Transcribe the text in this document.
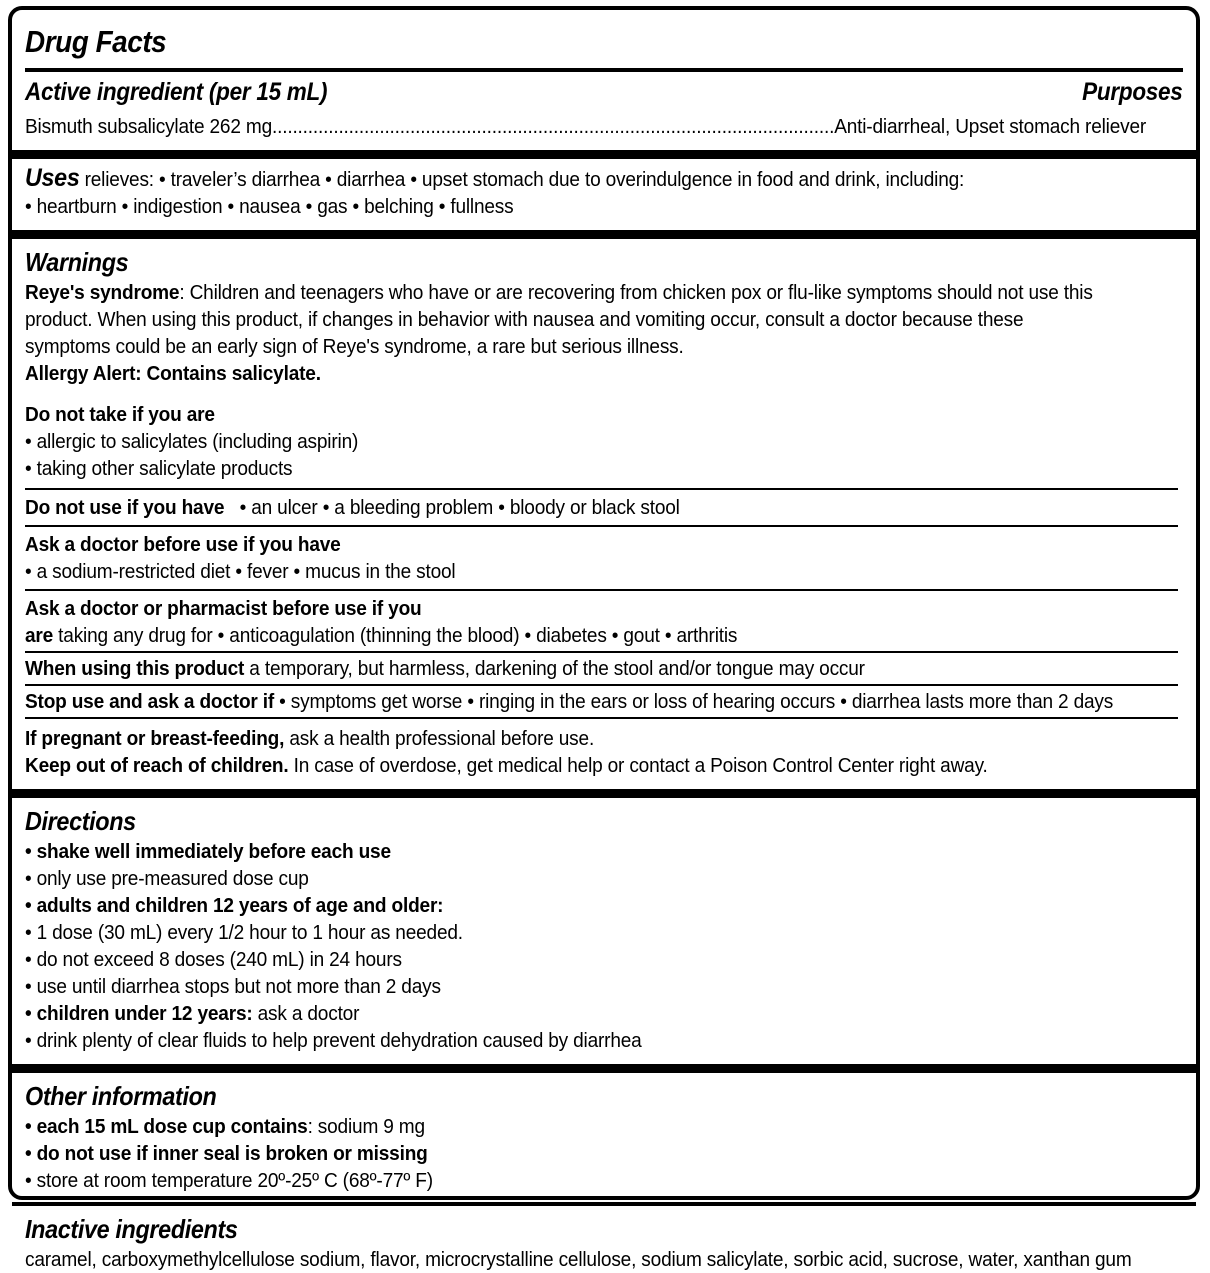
Drug Facts
Active ingredient (per 15 mL)	Purposes
Bismuth subsalicylate 262 mg..............................................................................................................Anti-diarrheal, Upset stomach reliever
Uses relieves: • traveler’s diarrhea • diarrhea • upset stomach due to overindulgence in food and drink, including:
• heartburn • indigestion • nausea • gas • belching • fullness
Warnings
Reye's syndrome: Children and teenagers who have or are recovering from chicken pox or flu-like symptoms should not use this product. When using this product, if changes in behavior with nausea and vomiting occur, consult a doctor because these symptoms could be an early sign of Reye's syndrome, a rare but serious illness.
Allergy Alert: Contains salicylate.
Do not take if you are
• allergic to salicylates (including aspirin)
• taking other salicylate products
Do not use if you have • an ulcer • a bleeding problem • bloody or black stool
Ask a doctor before use if you have
• a sodium-restricted diet • fever • mucus in the stool
Ask a doctor or pharmacist before use if you
are taking any drug for • anticoagulation (thinning the blood) • diabetes • gout • arthritis
When using this product a temporary, but harmless, darkening of the stool and/or tongue may occur
Stop use and ask a doctor if • symptoms get worse • ringing in the ears or loss of hearing occurs • diarrhea lasts more than 2 days
If pregnant or breast-feeding, ask a health professional before use.
Keep out of reach of children. In case of overdose, get medical help or contact a Poison Control Center right away.
Directions
• shake well immediately before each use
• only use pre-measured dose cup
• adults and children 12 years of age and older:
• 1 dose (30 mL) every 1/2 hour to 1 hour as needed.
• do not exceed 8 doses (240 mL) in 24 hours
• use until diarrhea stops but not more than 2 days
• children under 12 years: ask a doctor
• drink plenty of clear fluids to help prevent dehydration caused by diarrhea
Other information
• each 15 mL dose cup contains: sodium 9 mg
• do not use if inner seal is broken or missing
• store at room temperature 20º-25º C (68º-77º F)
Inactive ingredients
caramel, carboxymethylcellulose sodium, flavor, microcrystalline cellulose, sodium salicylate, sorbic acid, sucrose, water, xanthan gum
